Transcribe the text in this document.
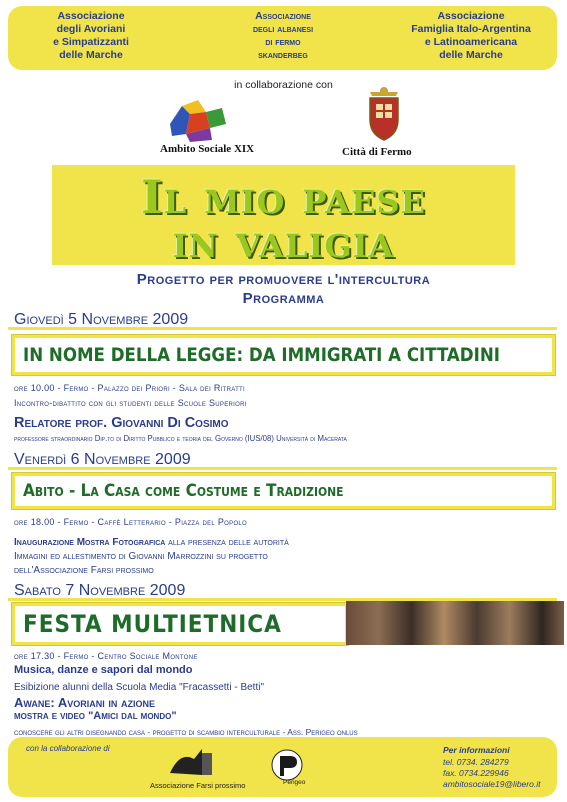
Associazione
degli Avoriani
e Simpatizzanti
delle Marche
Associazione
degli albanesi
di fermo
skanderbeg
Associazione
Famiglia Italo-Argentina
e Latinoamericana
delle Marche
in collaborazione con
Ambito Sociale XIX	Città di Fermo
Il mio paese
in valigia
Progetto per promuovere l'intercultura
Programma
Giovedì 5 Novembre 2009
IN NOME DELLA LEGGE: DA IMMIGRATI A CITTADINI
ore 10.00 - Fermo - Palazzo dei Priori - Sala dei Ritratti
Incontro-dibattito con gli studenti delle Scuole Superiori
Relatore prof. Giovanni Di Cosimo
professore straordinario Dip.to di Diritto Pubblico e teoria del Governo (IUS/08) Università di Macerata
Venerdì 6 Novembre 2009
Abito - La Casa come Costume e Tradizione
ore 18.00 - Fermo - Caffè Letterario - Piazza del Popolo
Inaugurazione Mostra Fotografica alla presenza delle autorità
Immagini ed allestimento di Giovanni Marrozzini su progetto
dell'Associazione Farsi prossimo
Sabato 7 Novembre 2009
FESTA MULTIETNICA
ore 17.30 - Fermo - Centro Sociale Montone
Musica, danze e sapori dal mondo
Esibizione alunni della Scuola Media "Fracassetti - Betti"
Awane: Avoriani in azione
mostra e video "Amici dal mondo"
conoscere gli altri disegnando casa - progetto di scambio interculturale - Ass. Perigeo onlus
con la collaborazione di
Associazione Farsi prossimo	Perigeo
Per informazioni
tel. 0734. 284279
fax. 0734.229946
ambitosociale19@libero.it
